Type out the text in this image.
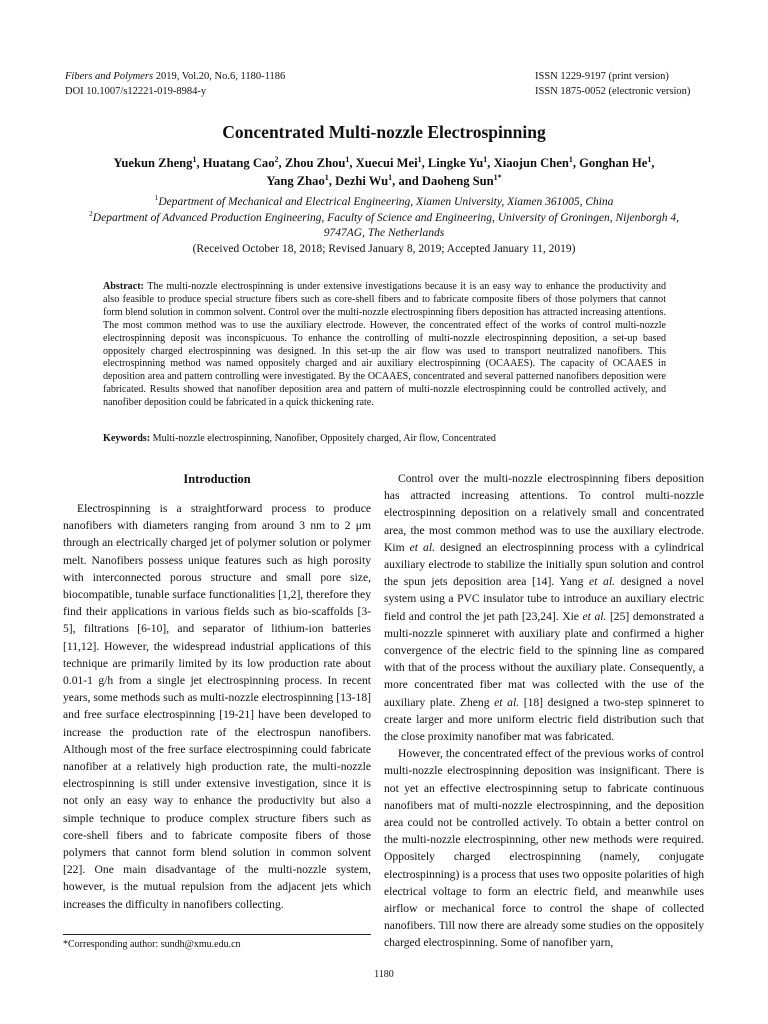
Fibers and Polymers 2019, Vol.20, No.6, 1180-1186
DOI 10.1007/s12221-019-8984-y
ISSN 1229-9197 (print version)
ISSN 1875-0052 (electronic version)
Concentrated Multi-nozzle Electrospinning
Yuekun Zheng$^1$, Huatang Cao$^2$, Zhou Zhou$^1$, Xuecui Mei$^1$, Lingke Yu$^1$, Xiaojun Chen$^1$, Gonghan He$^1$,
Yang Zhao$^1$, Dezhi Wu$^1$, and Daoheng Sun$^{1*}$
$^1$Department of Mechanical and Electrical Engineering, Xiamen University, Xiamen 361005, China
$^2$Department of Advanced Production Engineering, Faculty of Science and Engineering, University of Groningen, Nijenborgh 4, 9747AG, The Netherlands
(Received October 18, 2018; Revised January 8, 2019; Accepted January 11, 2019)
Abstract: The multi-nozzle electrospinning is under extensive investigations because it is an easy way to enhance the productivity and also feasible to produce special structure fibers such as core-shell fibers and to fabricate composite fibers of those polymers that cannot form blend solution in common solvent. Control over the multi-nozzle electrospinning fibers deposition has attracted increasing attentions. The most common method was to use the auxiliary electrode. However, the concentrated effect of the works of control multi-nozzle electrospinning deposit was inconspicuous. To enhance the controlling of multi-nozzle electrospinning deposition, a set-up based oppositely charged electrospinning was designed. In this set-up the air flow was used to transport neutralized nanofibers. This electrospinning method was named oppositely charged and air auxiliary electrospinning (OCAAES). The capacity of OCAAES in deposition area and pattern controlling were investigated. By the OCAAES, concentrated and several patterned nanofibers deposition were fabricated. Results showed that nanofiber deposition area and pattern of multi-nozzle electrospinning could be controlled actively, and nanofiber deposition could be fabricated in a quick thickening rate.
Keywords: Multi-nozzle electrospinning, Nanofiber, Oppositely charged, Air flow, Concentrated
Introduction

Electrospinning is a straightforward process to produce nanofibers with diameters ranging from around 3 nm to 2 μm through an electrically charged jet of polymer solution or polymer melt. Nanofibers possess unique features such as high porosity with interconnected porous structure and small pore size, biocompatible, tunable surface functionalities [1,2], therefore they find their applications in various fields such as bio-scaffolds [3-5], filtrations [6-10], and separator of lithium-ion batteries [11,12]. However, the widespread industrial applications of this technique are primarily limited by its low production rate about 0.01-1 g/h from a single jet electrospinning process. In recent years, some methods such as multi-nozzle electrospinning [13-18] and free surface electrospinning [19-21] have been developed to increase the production rate of the electrospun nanofibers. Although most of the free surface electrospinning could fabricate nanofiber at a relatively high production rate, the multi-nozzle electrospinning is still under extensive investigation, since it is not only an easy way to enhance the productivity but also a simple technique to produce complex structure fibers such as core-shell fibers and to fabricate composite fibers of those polymers that cannot form blend solution in common solvent [22]. One main disadvantage of the multi-nozzle system, however, is the mutual repulsion from the adjacent jets which increases the difficulty in nanofibers collecting.

Control over the multi-nozzle electrospinning fibers deposition has attracted increasing attentions. To control multi-nozzle electrospinning deposition on a relatively small and concentrated area, the most common method was to use the auxiliary electrode. Kim et al. designed an electrospinning process with a cylindrical auxiliary electrode to stabilize the initially spun solution and control the spun jets deposition area [14]. Yang et al. designed a novel system using a PVC insulator tube to introduce an auxiliary electric field and control the jet path [23,24]. Xie et al. [25] demonstrated a multi-nozzle spinneret with auxiliary plate and confirmed a higher convergence of the electric field to the spinning line as compared with that of the process without the auxiliary plate. Consequently, a more concentrated fiber mat was collected with the use of the auxiliary plate. Zheng et al. [18] designed a two-step spinneret to create larger and more uniform electric field distribution such that the close proximity nanofiber mat was fabricated.

However, the concentrated effect of the previous works of control multi-nozzle electrospinning deposition was insignificant. There is not yet an effective electrospinning setup to fabricate continuous nanofibers mat of multi-nozzle electrospinning, and the deposition area could not be controlled actively. To obtain a better control on the multi-nozzle electrospinning, other new methods were required. Oppositely charged electrospinning (namely, conjugate electrospinning) is a process that uses two opposite polarities of high electrical voltage to form an electric field, and meanwhile uses airflow or mechanical force to control the shape of collected nanofibers. Till now there are already some studies on the oppositely charged electrospinning. Some of nanofiber yarn,

*Corresponding author: sundh@xmu.edu.cn
1180
